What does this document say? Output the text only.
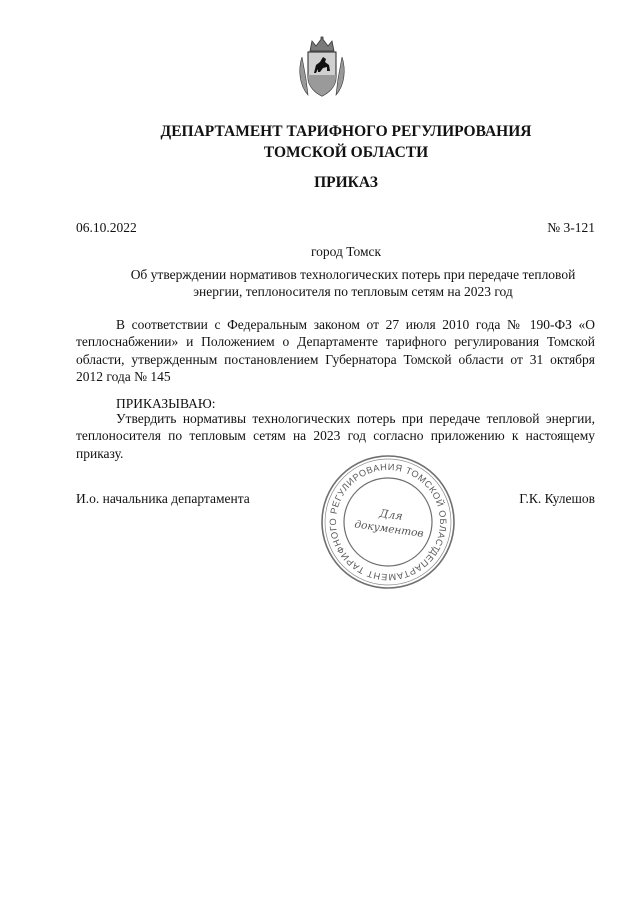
ДЕПАРТАМЕНТ ТАРИФНОГО РЕГУЛИРОВАНИЯ
ТОМСКОЙ ОБЛАСТИ
ПРИКАЗ
06.10.2022	№ 3-121
город Томск
Об утверждении нормативов технологических потерь при передаче тепловой
энергии, теплоносителя по тепловым сетям на 2023 год
В соответствии с Федеральным законом от 27 июля 2010 года № 190-ФЗ «О теплоснабжении» и Положением о Департаменте тарифного регулирования Томской области, утвержденным постановлением Губернатора Томской области от 31 октября 2012 года № 145
ПРИКАЗЫВАЮ:
Утвердить нормативы технологических потерь при передаче тепловой энергии, теплоносителя по тепловым сетям на 2023 год согласно приложению к настоящему приказу.
И.о. начальника департамента	Г.К. Кулешов
ДЕПАРТАМЕНТ ТАРИФНОГО РЕГУЛИРОВАНИЯ ТОМСКОЙ ОБЛАСТИ
Для
документов
